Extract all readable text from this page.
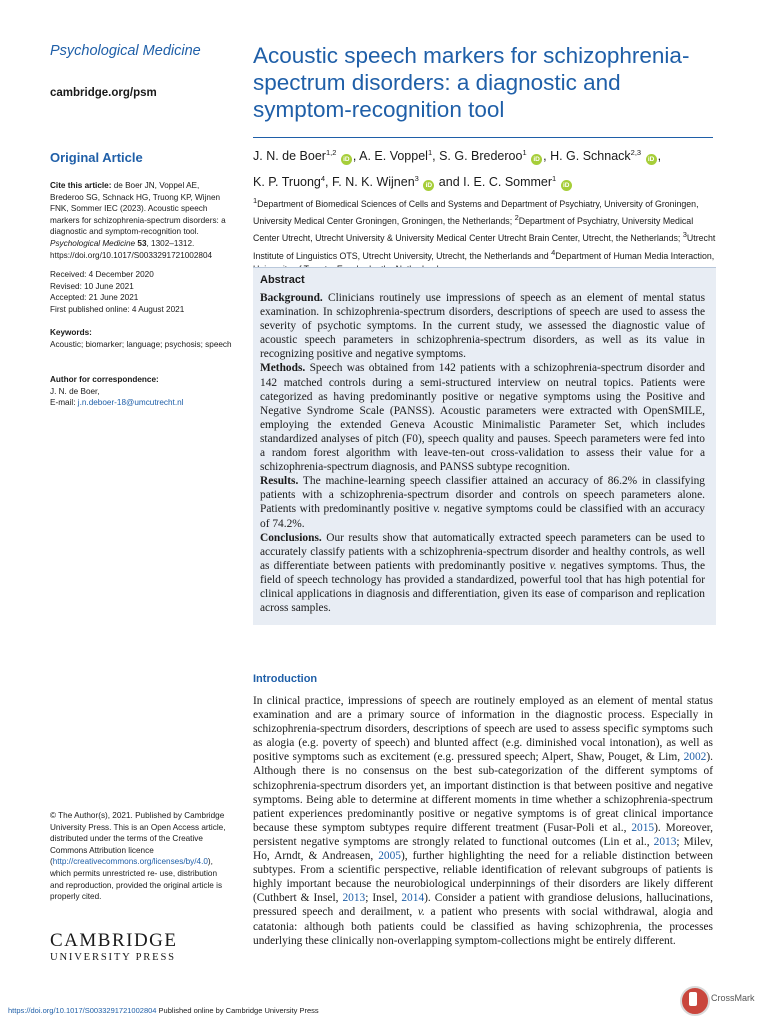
Psychological Medicine
cambridge.org/psm
Acoustic speech markers for schizophrenia-spectrum disorders: a diagnostic and symptom-recognition tool
J. N. de Boer$^{1,2}$ iD , A. E. Voppel$^1$, S. G. Brederoo$^1$ iD , H. G. Schnack$^{2,3}$ iD ,
K. P. Truong$^4$, F. N. K. Wijnen$^3$ iD and I. E. C. Sommer$^1$ iD
$^1$Department of Biomedical Sciences of Cells and Systems and Department of Psychiatry, University of Groningen, University Medical Center Groningen, Groningen, the Netherlands; $^2$Department of Psychiatry, University Medical Center Utrecht, Utrecht University & University Medical Center Utrecht Brain Center, Utrecht, the Netherlands; $^3$Utrecht Institute of Linguistics OTS, Utrecht University, Utrecht, the Netherlands and $^4$Department of Human Media Interaction,
Original Article
Cite this article: de Boer JN, Voppel AE, Brederoo SG, Schnack HG, Truong KP, Wijnen FNK, Sommer IEC (2023). Acoustic speech markers for schizophrenia-spectrum disorders: a diagnostic and symptom-recognition tool. Psychological Medicine 53, 1302–1312. https://doi.org/10.1017/S0033291721002804
Received: 4 December 2020
Revised: 10 June 2021
Accepted: 21 June 2021
First published online: 4 August 2021
Keywords:
Acoustic; biomarker; language; psychosis; speech
Author for correspondence:
J. N. de Boer,
E-mail: j.n.deboer-18@umcutrecht.nl
© The Author(s), 2021. Published by Cambridge University Press. This is an Open Access article, distributed under the terms of the Creative Commons Attribution licence (http://creativecommons.org/licenses/by/4.0), which permits unrestricted re- use, distribution and reproduction, provided the original article is properly cited.
CAMBRIDGE
UNIVERSITY PRESS
Abstract

Background. Clinicians routinely use impressions of speech as an element of mental status examination. In schizophrenia-spectrum disorders, descriptions of speech are used to assess the severity of psychotic symptoms. In the current study, we assessed the diagnostic value of acoustic speech parameters in schizophrenia-spectrum disorders, as well as its value in recognizing positive and negative symptoms.

Methods. Speech was obtained from 142 patients with a schizophrenia-spectrum disorder and 142 matched controls during a semi-structured interview on neutral topics. Patients were categorized as having predominantly positive or negative symptoms using the Positive and Negative Syndrome Scale (PANSS). Acoustic parameters were extracted with OpenSMILE, employing the extended Geneva Acoustic Minimalistic Parameter Set, which includes standardized analyses of pitch (F0), speech quality and pauses. Speech parameters were fed into a random forest algorithm with leave-ten-out cross-validation to assess their value for a schizophrenia-spectrum diagnosis, and PANSS subtype recognition.

Results. The machine-learning speech classifier attained an accuracy of 86.2% in classifying patients with a schizophrenia-spectrum disorder and controls on speech parameters alone. Patients with predominantly positive v. negative symptoms could be classified with an accuracy of 74.2%.

Conclusions. Our results show that automatically extracted speech parameters can be used to accurately classify patients with a schizophrenia-spectrum disorder and healthy controls, as well as differentiate between patients with predominantly positive v. negatives symptoms. Thus, the field of speech technology has provided a standardized, powerful tool that has high potential for clinical applications in diagnosis and differentiation, given its ease of comparison and replication across samples.

Introduction
In clinical practice, impressions of speech are routinely employed as an element of mental status examination and are a primary source of information in the diagnostic process. Especially in schizophrenia-spectrum disorders, descriptions of speech are used to assess specific symptoms such as alogia (e.g. poverty of speech) and blunted affect (e.g. diminished vocal intonation), as well as positive symptoms such as excitement (e.g. pressured speech; Alpert, Shaw, Pouget, & Lim, 2002). Although there is no consensus on the best sub-categorization of the different symptoms of schizophrenia-spectrum disorders yet, an important distinction is that between positive and negative symptoms. Being able to determine at different moments in time whether a schizophrenia-spectrum patient experiences predominantly positive or negative symptoms is of great clinical importance because these symptom subtypes require different treatment (Fusar-Poli et al., 2015). Moreover, persistent negative symptoms are strongly related to functional outcomes (Lin et al., 2013; Milev, Ho, Arndt, & Andreasen, 2005), further highlighting the need for a reliable distinction between subtypes. From a scientific perspective, reliable identification of relevant subgroups of patients is highly important because the neurobiological underpinnings of their disorders are likely different (Cuthbert & Insel, 2013; Insel, 2014). Consider a patient with grandiose delusions, hallucinations, pressured speech and derailment, v. a patient who presents with social withdrawal, alogia and catatonia: although both patients could be classified as having schizophrenia, the processes underlying these clinically non-overlapping symptom-collections might be entirely different.
https://doi.org/10.1017/S0033291721002804 Published online by Cambridge University Press
CrossMark
